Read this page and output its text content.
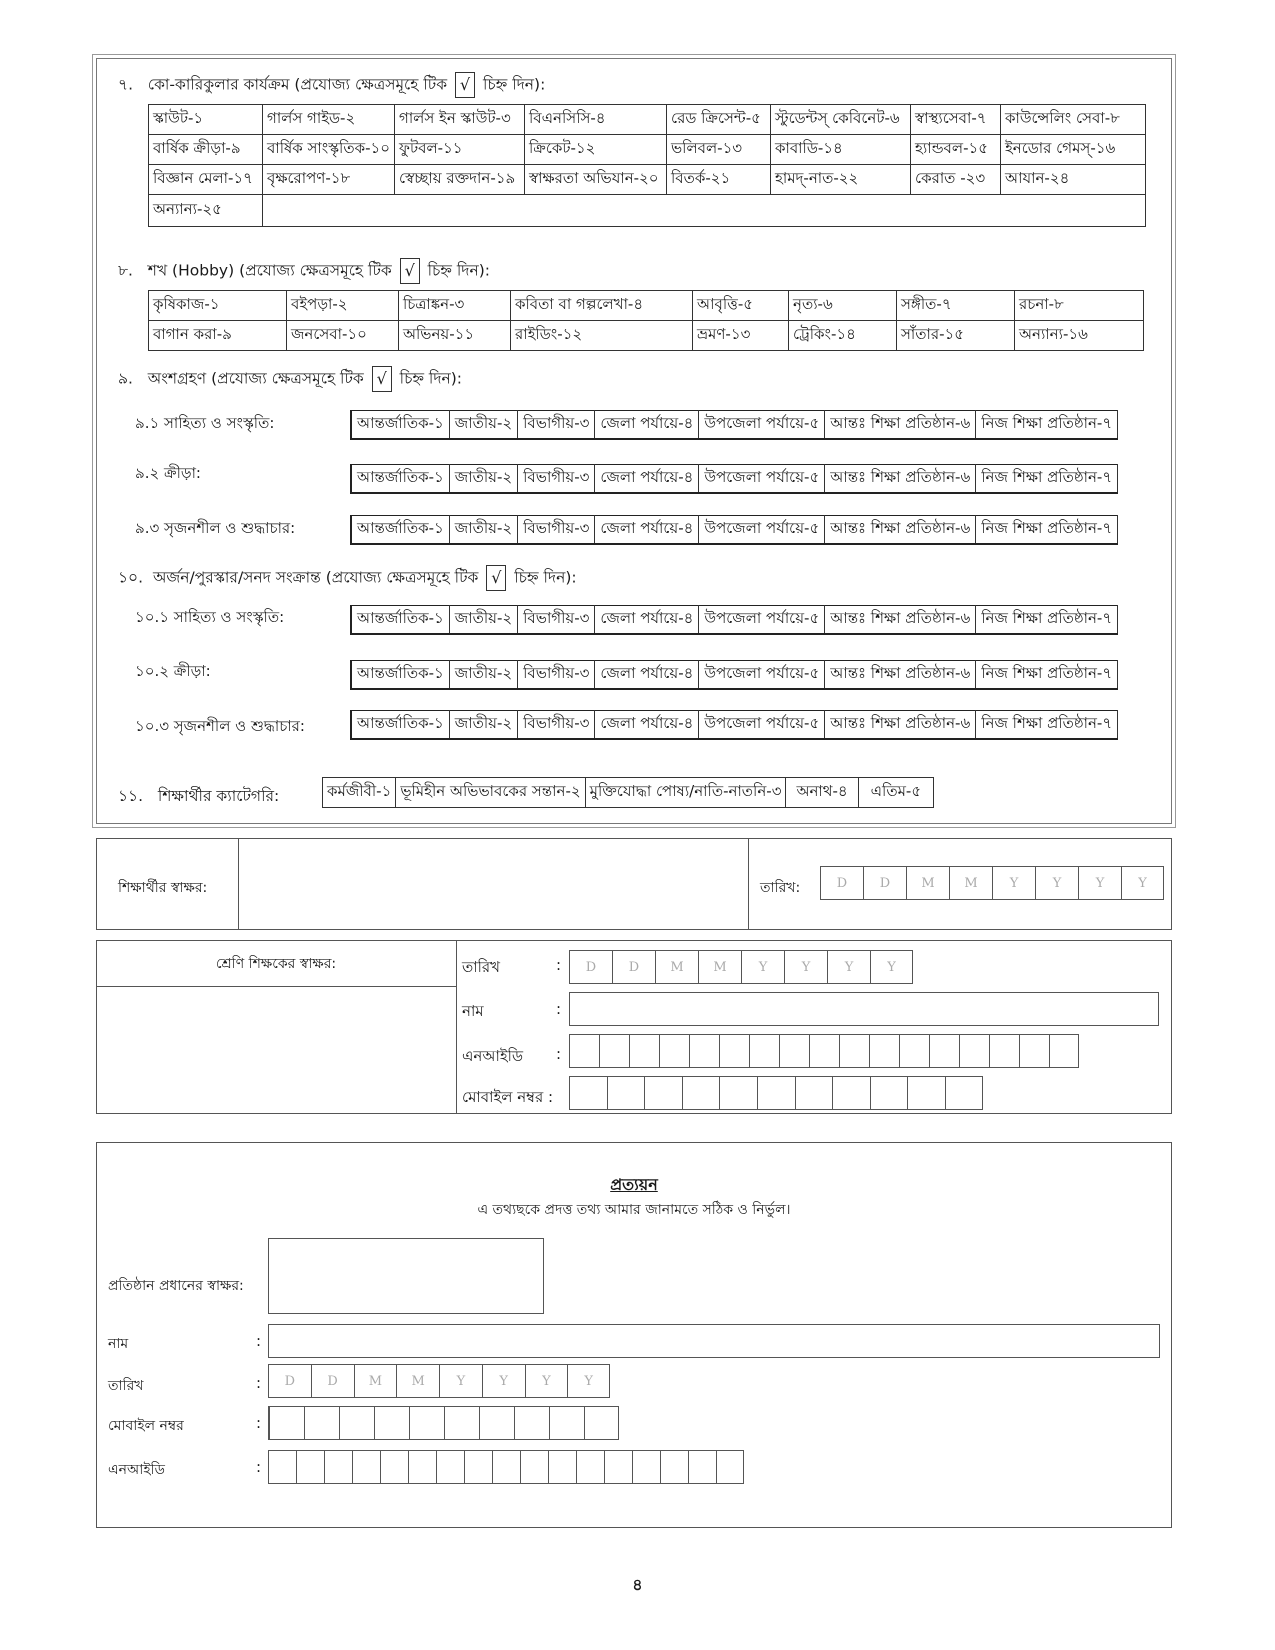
৭. কো-কারিকুলার কার্যক্রম (প্রযোজ্য ক্ষেত্রসমূহে টিক √ চিহ্ন দিন):
স্কাউট-১	গার্লস গাইড-২	গার্লস ইন স্কাউট-৩	বিএনসিসি-৪	রেড ক্রিসেন্ট-৫	স্টুডেন্টস্ কেবিনেট-৬	স্বাস্থ্যসেবা-৭	কাউন্সেলিং সেবা-৮
বার্ষিক ক্রীড়া-৯	বার্ষিক সাংস্কৃতিক-১০	ফুটবল-১১	ক্রিকেট-১২	ভলিবল-১৩	কাবাডি-১৪	হ্যান্ডবল-১৫	ইনডোর গেমস্-১৬
বিজ্ঞান মেলা-১৭	বৃক্ষরোপণ-১৮	স্বেচ্ছায় রক্তদান-১৯	স্বাক্ষরতা অভিযান-২০	বিতর্ক-২১	হামদ্-নাত-২২	কেরাত -২৩	আযান-২৪
অন্যান্য-২৫							
৮. শখ (Hobby) (প্রযোজ্য ক্ষেত্রসমূহে টিক √ চিহ্ন দিন):
কৃষিকাজ-১	বইপড়া-২	চিত্রাঙ্কন-৩	কবিতা বা গল্পলেখা-৪	আবৃত্তি-৫	নৃত্য-৬	সঙ্গীত-৭	রচনা-৮
বাগান করা-৯	জনসেবা-১০	অভিনয়-১১	রাইডিং-১২	ভ্রমণ-১৩	ট্রেকিং-১৪	সাঁতার-১৫	অন্যান্য-১৬
৯. অংশগ্রহণ (প্রযোজ্য ক্ষেত্রসমূহে টিক √ চিহ্ন দিন):
৯.১ সাহিত্য ও সংস্কৃতি:	আন্তর্জাতিক-১	জাতীয়-২	বিভাগীয়-৩	জেলা পর্যায়ে-৪	উপজেলা পর্যায়ে-৫	আন্তঃ শিক্ষা প্রতিষ্ঠান-৬	নিজ শিক্ষা প্রতিষ্ঠান-৭
৯.২ ক্রীড়া:	আন্তর্জাতিক-১	জাতীয়-২	বিভাগীয়-৩	জেলা পর্যায়ে-৪	উপজেলা পর্যায়ে-৫	আন্তঃ শিক্ষা প্রতিষ্ঠান-৬	নিজ শিক্ষা প্রতিষ্ঠান-৭
৯.৩ সৃজনশীল ও শুদ্ধাচার:	আন্তর্জাতিক-১	জাতীয়-২	বিভাগীয়-৩	জেলা পর্যায়ে-৪	উপজেলা পর্যায়ে-৫	আন্তঃ শিক্ষা প্রতিষ্ঠান-৬	নিজ শিক্ষা প্রতিষ্ঠান-৭
১০. অর্জন/পুরস্কার/সনদ সংক্রান্ত (প্রযোজ্য ক্ষেত্রসমূহে টিক √ চিহ্ন দিন):
১০.১ সাহিত্য ও সংস্কৃতি:	আন্তর্জাতিক-১	জাতীয়-২	বিভাগীয়-৩	জেলা পর্যায়ে-৪	উপজেলা পর্যায়ে-৫	আন্তঃ শিক্ষা প্রতিষ্ঠান-৬	নিজ শিক্ষা প্রতিষ্ঠান-৭
১০.২ ক্রীড়া:	আন্তর্জাতিক-১	জাতীয়-২	বিভাগীয়-৩	জেলা পর্যায়ে-৪	উপজেলা পর্যায়ে-৫	আন্তঃ শিক্ষা প্রতিষ্ঠান-৬	নিজ শিক্ষা প্রতিষ্ঠান-৭
১০.৩ সৃজনশীল ও শুদ্ধাচার:	আন্তর্জাতিক-১	জাতীয়-২	বিভাগীয়-৩	জেলা পর্যায়ে-৪	উপজেলা পর্যায়ে-৫	আন্তঃ শিক্ষা প্রতিষ্ঠান-৬	নিজ শিক্ষা প্রতিষ্ঠান-৭
১১. শিক্ষার্থীর ক্যাটেগরি:	কর্মজীবী-১	ভূমিহীন অভিভাবকের সন্তান-২	মুক্তিযোদ্ধা পোষ্য/নাতি-নাতনি-৩	অনাথ-৪	এতিম-৫
শিক্ষার্থীর স্বাক্ষর:	তারিখ:	D	D	M	M	Y	Y	Y	Y
শ্রেণি শিক্ষকের স্বাক্ষর:	তারিখ	:	D	D	M	M	Y	Y	Y	Y
নাম	:
এনআইডি :
মোবাইল নম্বর :
প্রত্যয়ন
এ তথ্যছকে প্রদত্ত তথ্য আমার জানামতে সঠিক ও নির্ভুল।
প্রতিষ্ঠান প্রধানের স্বাক্ষর:
নাম	:
তারিখ	:	D	D	M	M	Y	Y	Y	Y
মোবাইল নম্বর	:
এনআইডি	:
৪
